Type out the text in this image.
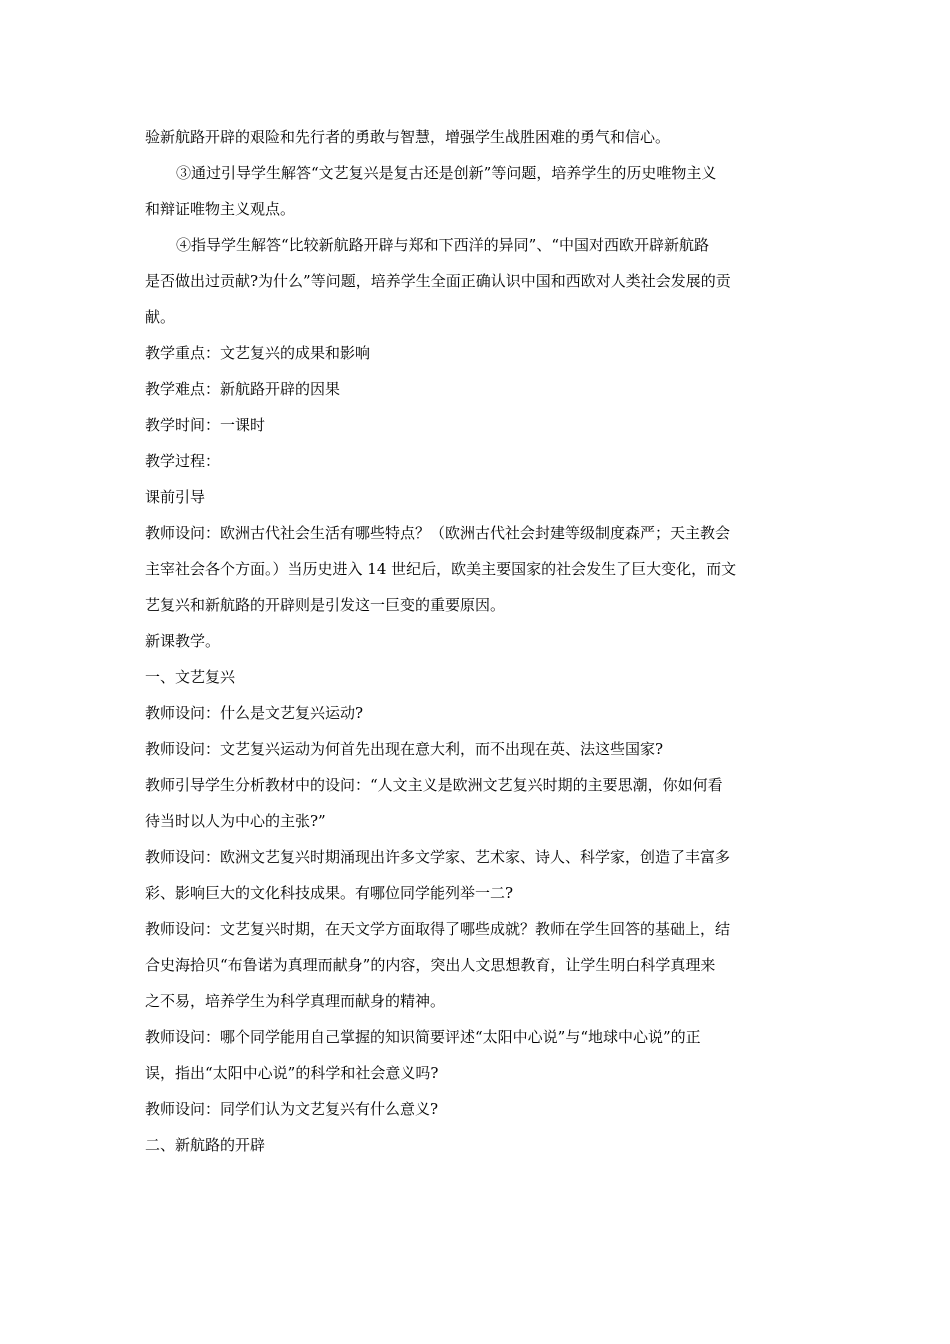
验新航路开辟的艰险和先行者的勇敢与智慧，增强学生战胜困难的勇气和信心。
③通过引导学生解答“文艺复兴是复古还是创新”等问题，培养学生的历史唯物主义
和辩证唯物主义观点。
④指导学生解答“比较新航路开辟与郑和下西洋的异同”、“中国对西欧开辟新航路
是否做出过贡献?为什么”等问题，培养学生全面正确认识中国和西欧对人类社会发展的贡
献。
教学重点：文艺复兴的成果和影响
教学难点：新航路开辟的因果
教学时间：一课时
教学过程：
课前引导
教师设问：欧洲古代社会生活有哪些特点？（欧洲古代社会封建等级制度森严；天主教会
主宰社会各个方面。）当历史进入 14 世纪后，欧美主要国家的社会发生了巨大变化，而文
艺复兴和新航路的开辟则是引发这一巨变的重要原因。
新课教学。
一、文艺复兴
教师设问：什么是文艺复兴运动?
教师设问：文艺复兴运动为何首先出现在意大利，而不出现在英、法这些国家?
教师引导学生分析教材中的设问：“人文主义是欧洲文艺复兴时期的主要思潮，你如何看
待当时以人为中心的主张?”
教师设问：欧洲文艺复兴时期涌现出许多文学家、艺术家、诗人、科学家，创造了丰富多
彩、影响巨大的文化科技成果。有哪位同学能列举一二?
教师设问：文艺复兴时期，在天文学方面取得了哪些成就？教师在学生回答的基础上，结
合史海拾贝“布鲁诺为真理而献身”的内容，突出人文思想教育，让学生明白科学真理来
之不易，培养学生为科学真理而献身的精神。
教师设问：哪个同学能用自己掌握的知识简要评述“太阳中心说”与“地球中心说”的正
误，指出“太阳中心说”的科学和社会意义吗?
教师设问：同学们认为文艺复兴有什么意义?
二、新航路的开辟
